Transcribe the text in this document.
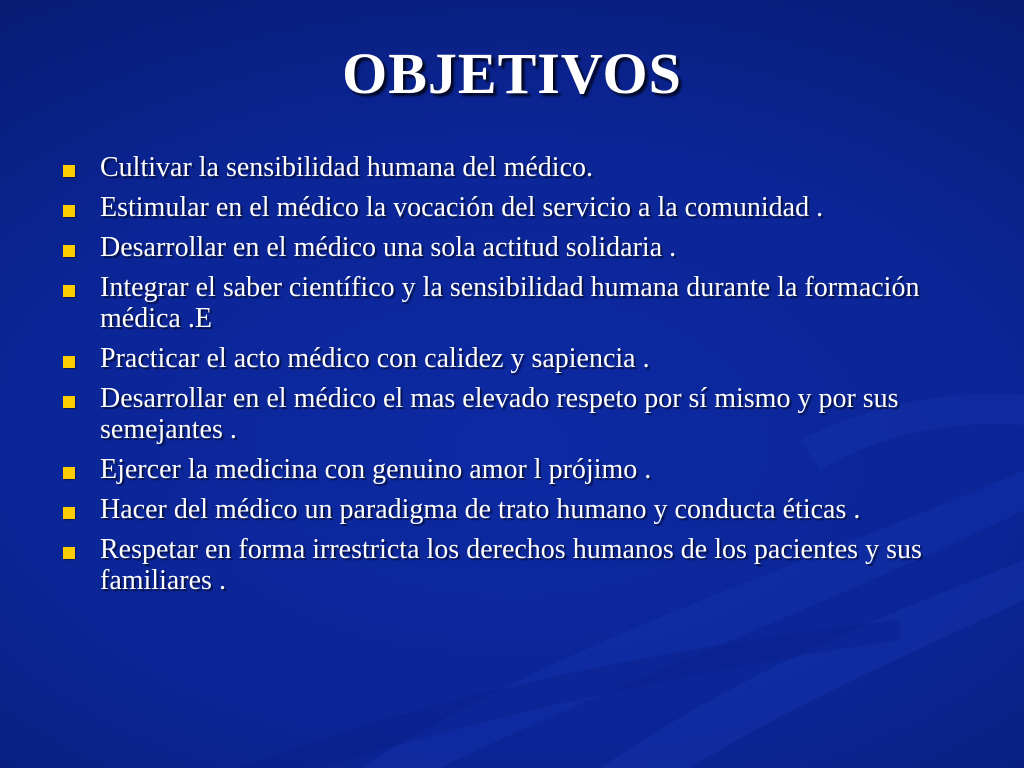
OBJETIVOS
Cultivar la sensibilidad humana del médico.
Estimular en el médico la vocación del servicio a la comunidad .
Desarrollar en el médico una sola actitud solidaria .
Integrar el saber científico y la sensibilidad humana durante la formación médica .E
Practicar el acto médico con calidez y sapiencia .
Desarrollar en el médico el mas elevado respeto por sí mismo y por sus semejantes .
Ejercer la medicina con genuino amor l prójimo .
Hacer del médico un paradigma de trato humano y conducta éticas .
Respetar en forma irrestricta los derechos humanos de los pacientes y sus familiares .
